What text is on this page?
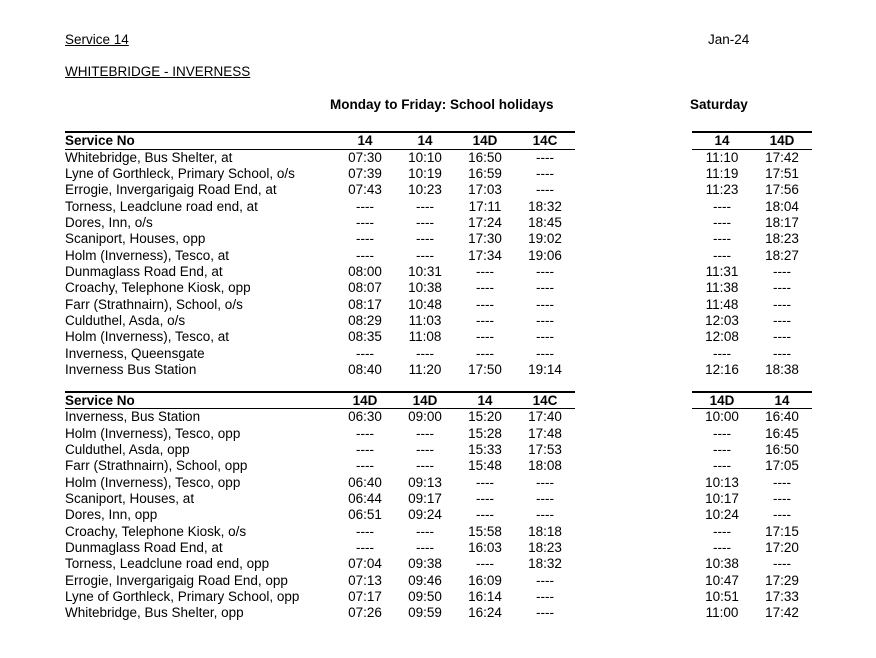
Service 14	Jan-24
WHITEBRIDGE - INVERNESS
Monday to Friday: School holidays	Saturday
Service No	14	14	14D	14C	14	14D
Whitebridge, Bus Shelter, at	07:30	10:10	16:50	----	11:10	17:42
Lyne of Gorthleck, Primary School, o/s	07:39	10:19	16:59	----	11:19	17:51
Errogie, Invergarigaig Road End, at	07:43	10:23	17:03	----	11:23	17:56
Torness, Leadclune road end, at	----	----	17:11	18:32	----	18:04
Dores, Inn, o/s	----	----	17:24	18:45	----	18:17
Scaniport, Houses, opp	----	----	17:30	19:02	----	18:23
Holm (Inverness), Tesco, at	----	----	17:34	19:06	----	18:27
Dunmaglass Road End, at	08:00	10:31	----	----	11:31	----
Croachy, Telephone Kiosk, opp	08:07	10:38	----	----	11:38	----
Farr (Strathnairn), School, o/s	08:17	10:48	----	----	11:48	----
Culduthel, Asda, o/s	08:29	11:03	----	----	12:03	----
Holm (Inverness), Tesco, at	08:35	11:08	----	----	12:08	----
Inverness, Queensgate	----	----	----	----	----	----
Inverness Bus Station	08:40	11:20	17:50	19:14	12:16	18:38
Service No	14D	14D	14	14C	14D	14
Inverness, Bus Station	06:30	09:00	15:20	17:40	10:00	16:40
Holm (Inverness), Tesco, opp	----	----	15:28	17:48	----	16:45
Culduthel, Asda, opp	----	----	15:33	17:53	----	16:50
Farr (Strathnairn), School, opp	----	----	15:48	18:08	----	17:05
Holm (Inverness), Tesco, opp	06:40	09:13	----	----	10:13	----
Scaniport, Houses, at	06:44	09:17	----	----	10:17	----
Dores, Inn, opp	06:51	09:24	----	----	10:24	----
Croachy, Telephone Kiosk, o/s	----	----	15:58	18:18	----	17:15
Dunmaglass Road End, at	----	----	16:03	18:23	----	17:20
Torness, Leadclune road end, opp	07:04	09:38	----	18:32	10:38	----
Errogie, Invergarigaig Road End, opp	07:13	09:46	16:09	----	10:47	17:29
Lyne of Gorthleck, Primary School, opp	07:17	09:50	16:14	----	10:51	17:33
Whitebridge, Bus Shelter, opp	07:26	09:59	16:24	----	11:00	17:42
